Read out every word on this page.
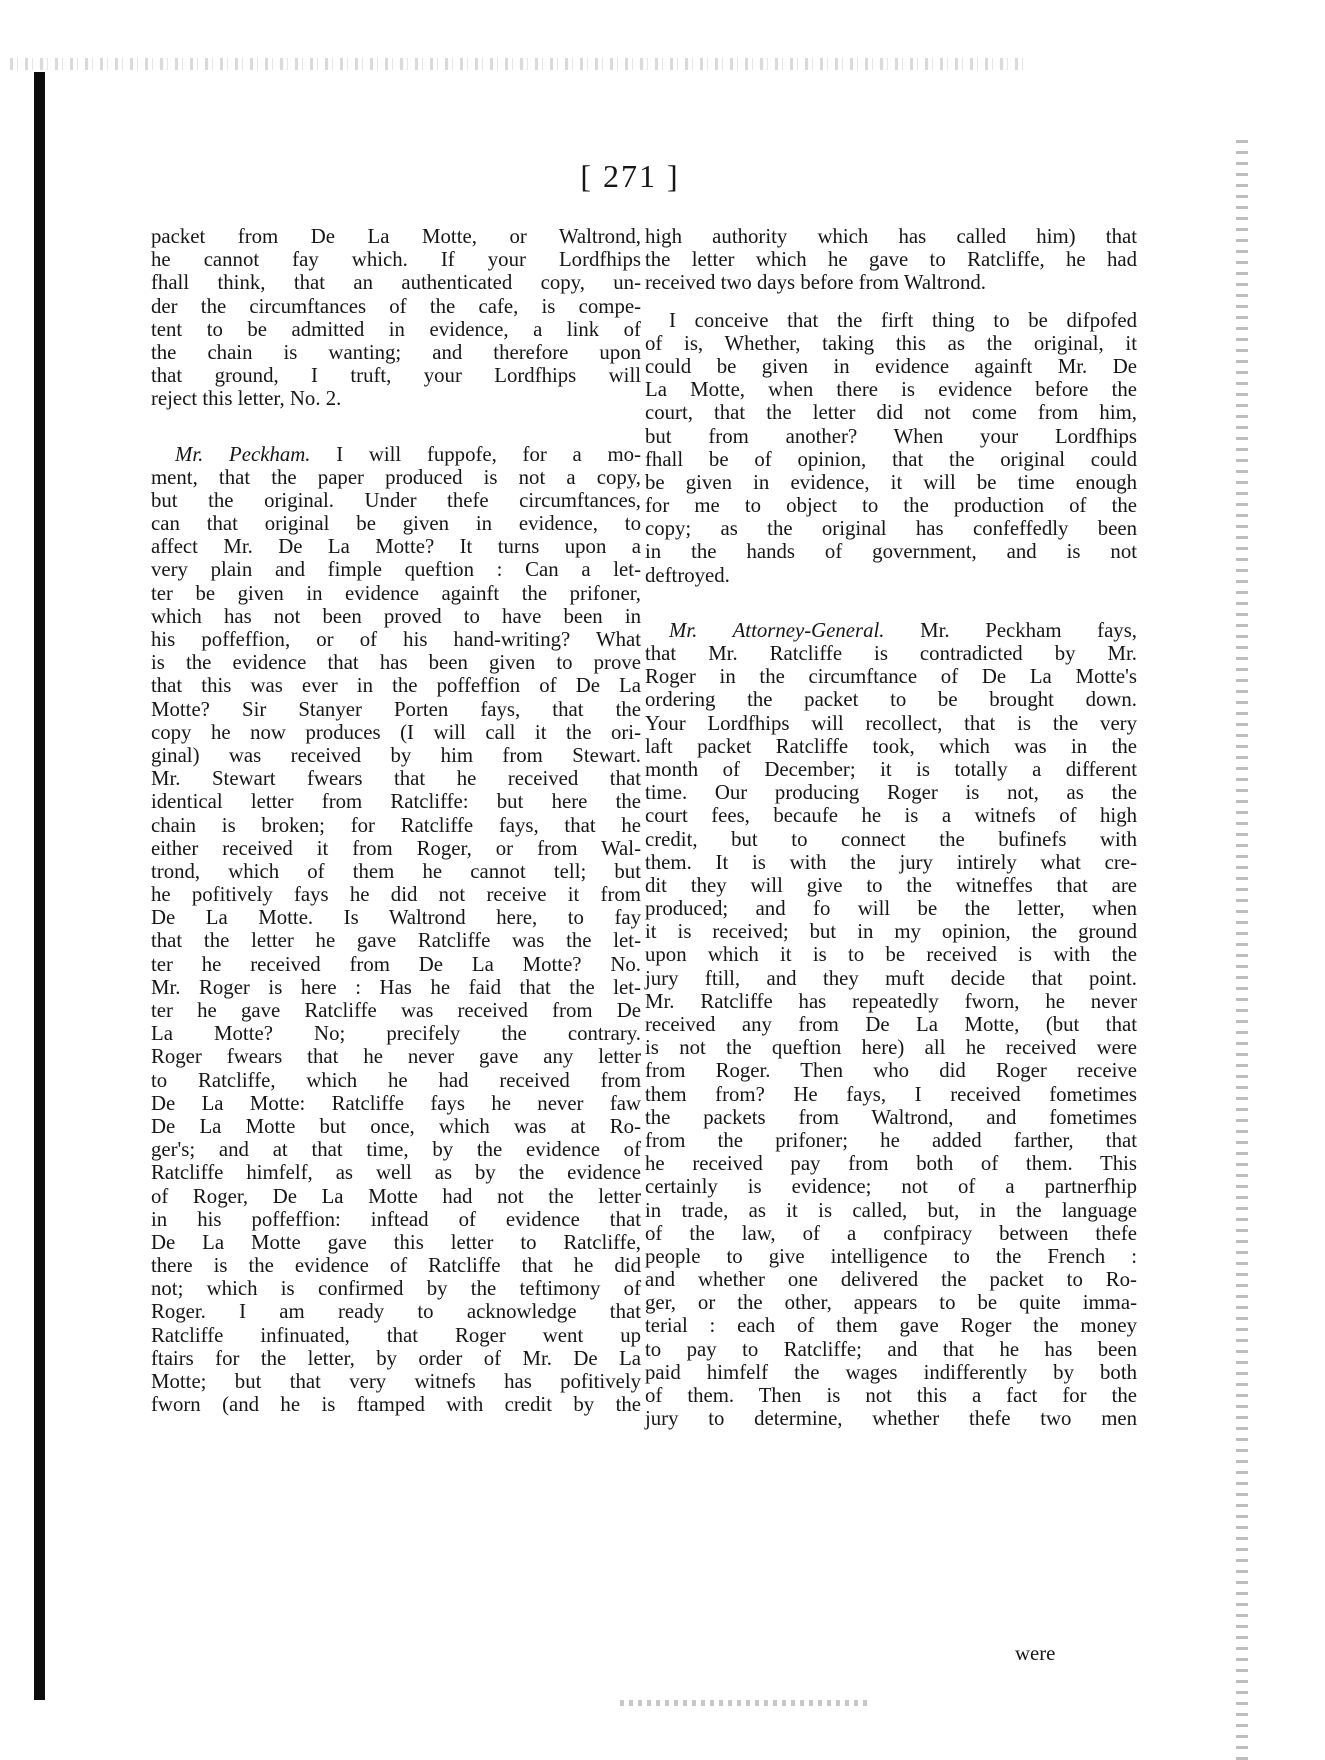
[ 271 ]
packet from De La Motte, or Waltrond,
he cannot fay which. If your Lordfhips
fhall think, that an authenticated copy, un-
der the circumftances of the cafe, is compe-
tent to be admitted in evidence, a link of
the chain is wanting; and therefore upon
that ground, I truft, your Lordfhips will
reject this letter, No. 2.
Mr. Peckham. I will fuppofe, for a mo-
ment, that the paper produced is not a copy,
but the original. Under thefe circumftances,
can that original be given in evidence, to
affect Mr. De La Motte? It turns upon a
very plain and fimple queftion : Can a let-
ter be given in evidence againft the prifoner,
which has not been proved to have been in
his poffeffion, or of his hand-writing? What
is the evidence that has been given to prove
that this was ever in the poffeffion of De La
Motte? Sir Stanyer Porten fays, that the
copy he now produces (I will call it the ori-
ginal) was received by him from Stewart.
Mr. Stewart fwears that he received that
identical letter from Ratcliffe: but here the
chain is broken; for Ratcliffe fays, that he
either received it from Roger, or from Wal-
trond, which of them he cannot tell; but
he pofitively fays he did not receive it from
De La Motte. Is Waltrond here, to fay
that the letter he gave Ratcliffe was the let-
ter he received from De La Motte? No.
Mr. Roger is here : Has he faid that the let-
ter he gave Ratcliffe was received from De
La Motte? No; precifely the contrary.
Roger fwears that he never gave any letter
to Ratcliffe, which he had received from
De La Motte: Ratcliffe fays he never faw
De La Motte but once, which was at Ro-
ger's; and at that time, by the evidence of
Ratcliffe himfelf, as well as by the evidence
of Roger, De La Motte had not the letter
in his poffeffion: inftead of evidence that
De La Motte gave this letter to Ratcliffe,
there is the evidence of Ratcliffe that he did
not; which is confirmed by the teftimony of
Roger. I am ready to acknowledge that
Ratcliffe infinuated, that Roger went up
ftairs for the letter, by order of Mr. De La
Motte; but that very witnefs has pofitively
fworn (and he is ftamped with credit by the
high authority which has called him) that
the letter which he gave to Ratcliffe, he had
received two days before from Waltrond.
I conceive that the firft thing to be difpofed
of is, Whether, taking this as the original, it
could be given in evidence againft Mr. De
La Motte, when there is evidence before the
court, that the letter did not come from him,
but from another? When your Lordfhips
fhall be of opinion, that the original could
be given in evidence, it will be time enough
for me to object to the production of the
copy; as the original has confeffedly been
in the hands of government, and is not
deftroyed.
Mr. Attorney-General. Mr. Peckham fays,
that Mr. Ratcliffe is contradicted by Mr.
Roger in the circumftance of De La Motte's
ordering the packet to be brought down.
Your Lordfhips will recollect, that is the very
laft packet Ratcliffe took, which was in the
month of December; it is totally a different
time. Our producing Roger is not, as the
court fees, becaufe he is a witnefs of high
credit, but to connect the bufinefs with
them. It is with the jury intirely what cre-
dit they will give to the witneffes that are
produced; and fo will be the letter, when
it is received; but in my opinion, the ground
upon which it is to be received is with the
jury ftill, and they muft decide that point.
Mr. Ratcliffe has repeatedly fworn, he never
received any from De La Motte, (but that
is not the queftion here) all he received were
from Roger. Then who did Roger receive
them from? He fays, I received fometimes
the packets from Waltrond, and fometimes
from the prifoner; he added farther, that
he received pay from both of them. This
certainly is evidence; not of a partnerfhip
in trade, as it is called, but, in the language
of the law, of a confpiracy between thefe
people to give intelligence to the French :
and whether one delivered the packet to Ro-
ger, or the other, appears to be quite imma-
terial : each of them gave Roger the money
to pay to Ratcliffe; and that he has been
paid himfelf the wages indifferently by both
of them. Then is not this a fact for the
jury to determine, whether thefe two men
were
